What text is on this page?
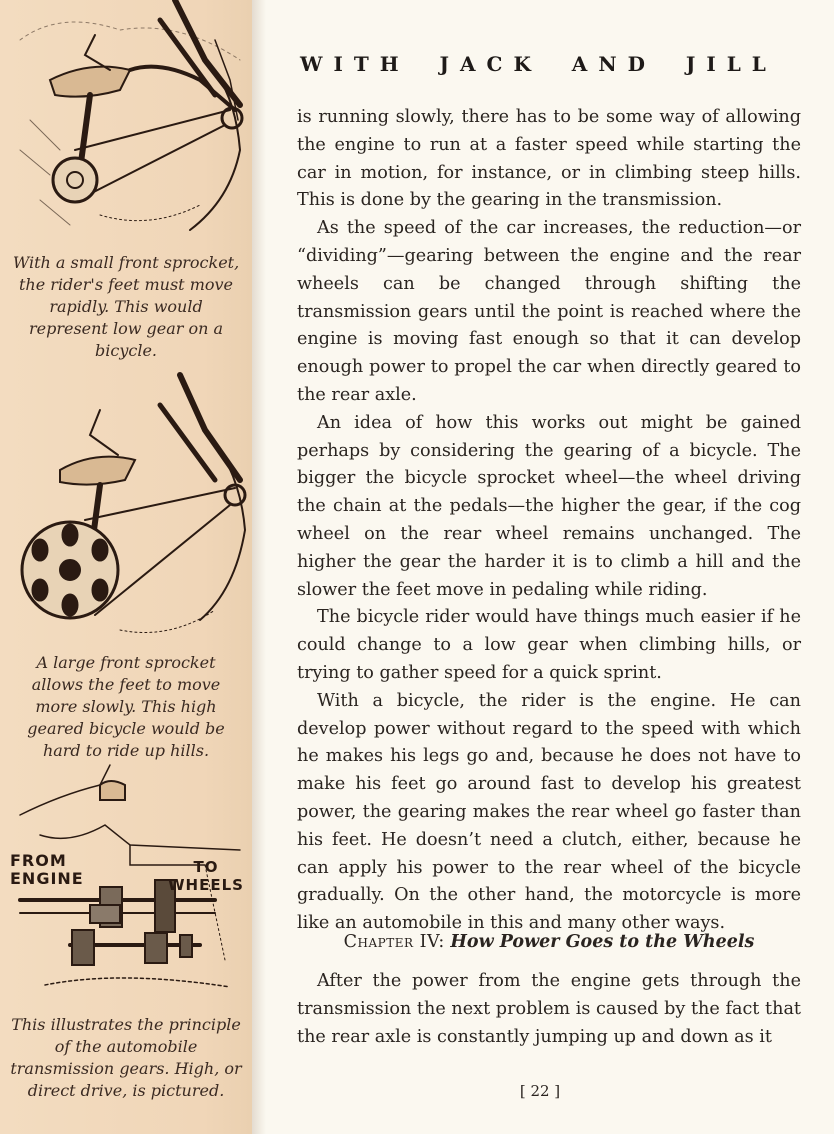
With a small front sprocket, the rider's feet must move rapidly. This would represent low gear on a bicycle.
A large front sprocket allows the feet to move more slowly. This high geared bicycle would be hard to ride up hills.
FROM
ENGINE
TO
WHEELS
This illustrates the principle of the automobile transmission gears. High, or direct drive, is pictured.
WITH JACK AND JILL

is running slowly, there has to be some way of allowing the engine to run at a faster speed while starting the car in motion, for instance, or in climbing steep hills. This is done by the gearing in the transmission.

As the speed of the car increases, the reduction—or “dividing”—gearing between the engine and the rear wheels can be changed through shifting the transmission gears until the point is reached where the engine is moving fast enough so that it can develop enough power to propel the car when directly geared to the rear axle.

An idea of how this works out might be gained perhaps by considering the gearing of a bicycle. The bigger the bicycle sprocket wheel—the wheel driving the chain at the pedals—the higher the gear, if the cog wheel on the rear wheel remains unchanged. The higher the gear the harder it is to climb a hill and the slower the feet move in pedaling while riding.

The bicycle rider would have things much easier if he could change to a low gear when climbing hills, or trying to gather speed for a quick sprint.

With a bicycle, the rider is the engine. He can develop power without regard to the speed with which he makes his legs go and, because he does not have to make his feet go around fast to develop his greatest power, the gearing makes the rear wheel go faster than his feet. He doesn’t need a clutch, either, because he can apply his power to the rear wheel of the bicycle gradually. On the other hand, the motorcycle is more like an automobile in this and many other ways.

Chapter IV: How Power Goes to the Wheels

After the power from the engine gets through the transmission the next problem is caused by the fact that the rear axle is constantly jumping up and down as it

[ 22 ]
